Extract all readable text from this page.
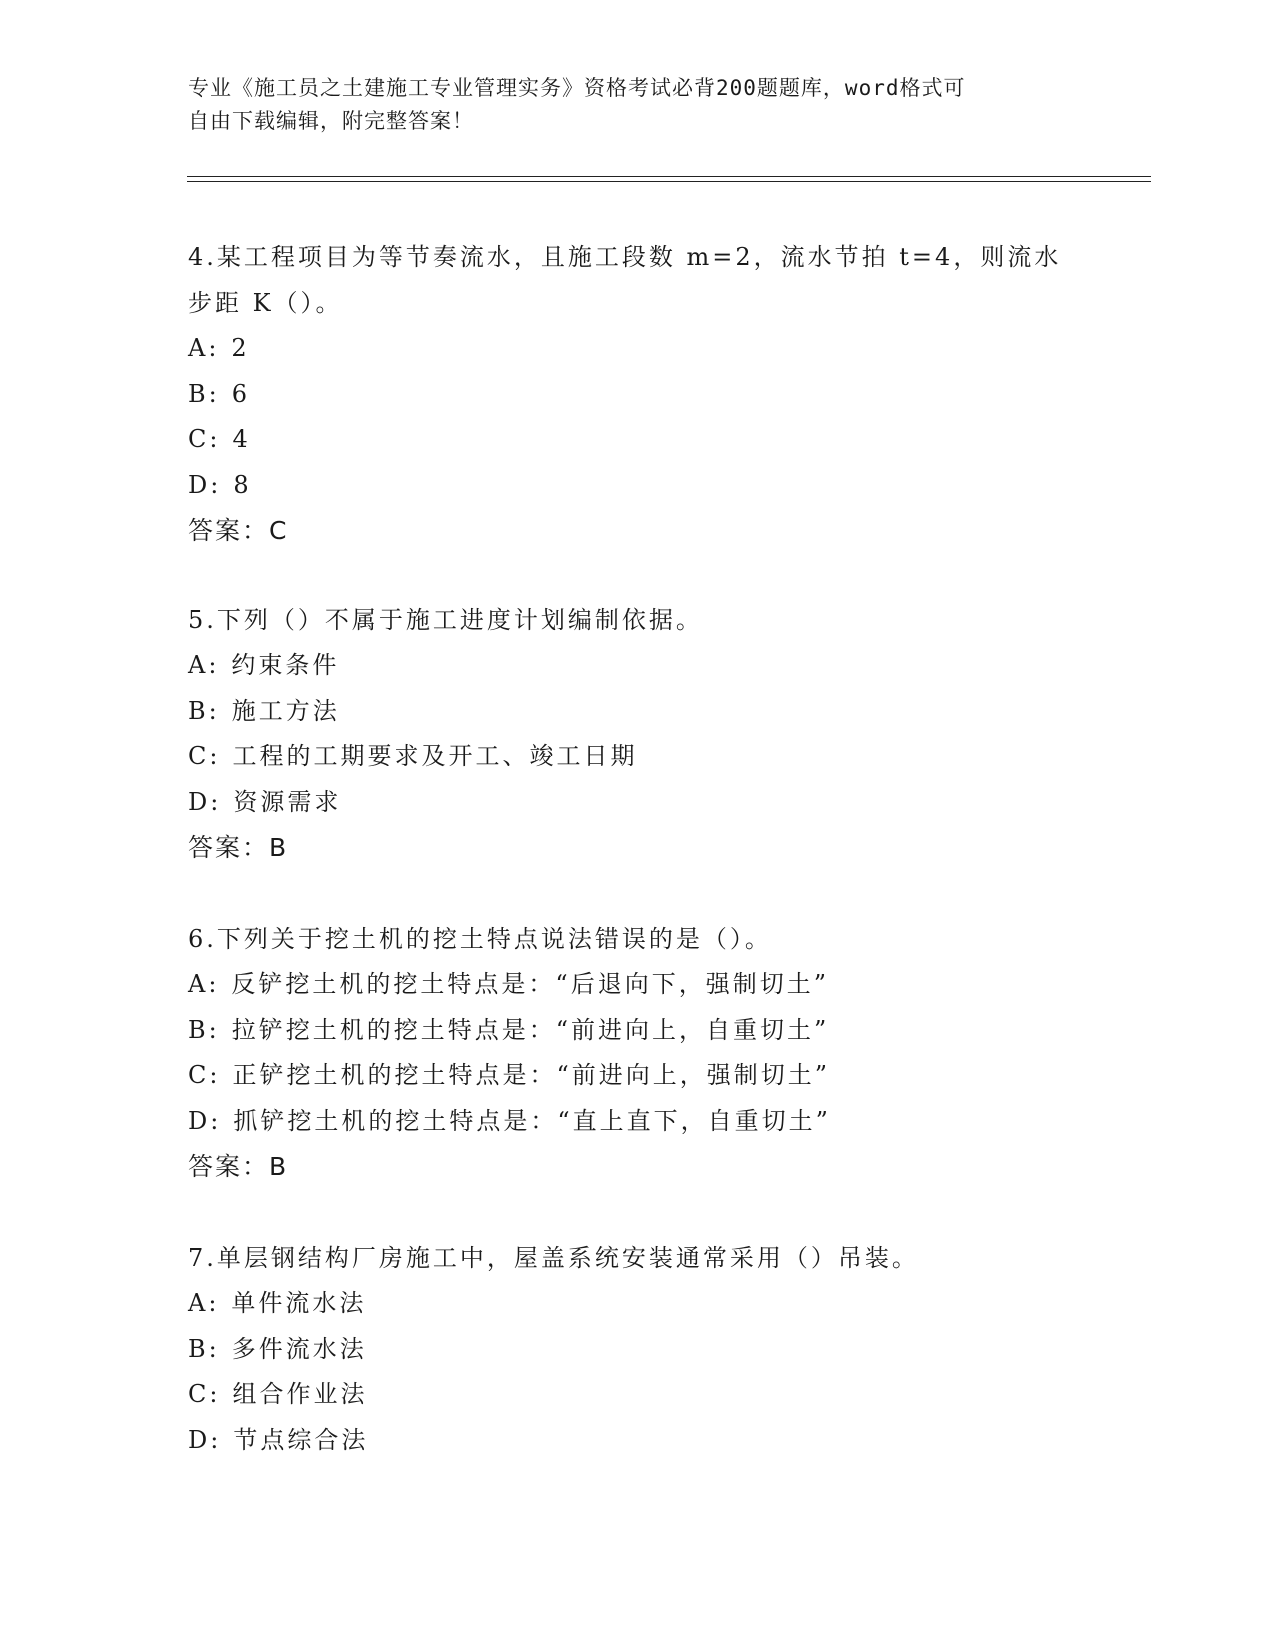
专业《施工员之土建施工专业管理实务》资格考试必背200题题库，word格式可
自由下载编辑，附完整答案！
4.某工程项目为等节奏流水，且施工段数 m=2，流水节拍 t=4，则流水步距 K（）。
A: 2
B: 6
C: 4
D: 8
答案：C
5.下列（）不属于施工进度计划编制依据。
A: 约束条件
B: 施工方法
C: 工程的工期要求及开工、竣工日期
D: 资源需求
答案：B
6.下列关于挖土机的挖土特点说法错误的是（）。
A: 反铲挖土机的挖土特点是：“后退向下，强制切土”
B: 拉铲挖土机的挖土特点是：“前进向上，自重切土”
C: 正铲挖土机的挖土特点是：“前进向上，强制切土”
D: 抓铲挖土机的挖土特点是：“直上直下，自重切土”
答案：B
7.单层钢结构厂房施工中，屋盖系统安装通常采用（）吊装。
A: 单件流水法
B: 多件流水法
C: 组合作业法
D: 节点综合法
